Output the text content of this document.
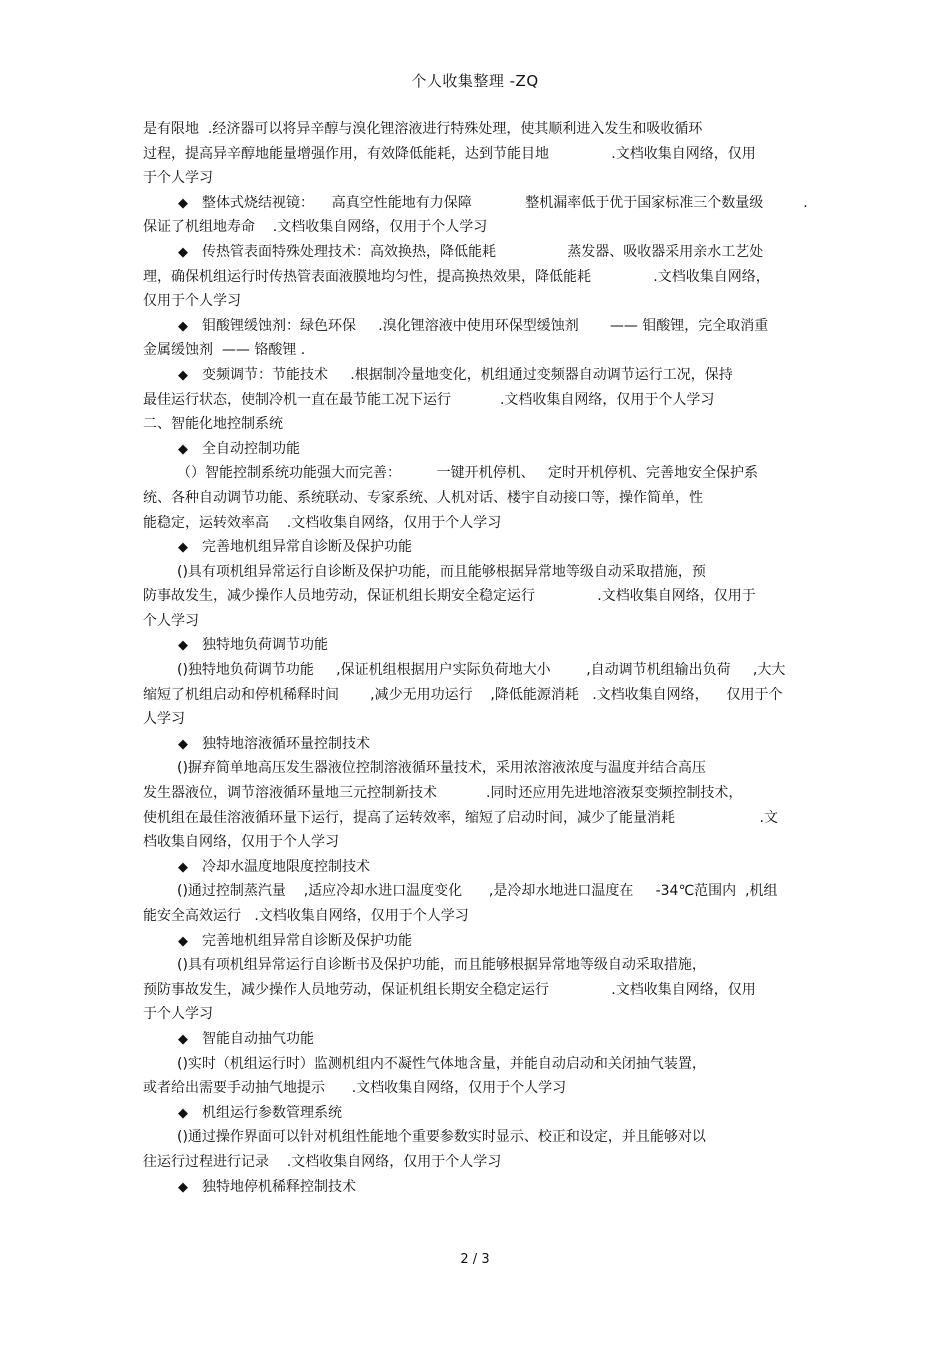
个人收集整理 -ZQ
是有限地  .经济器可以将异辛醇与溴化锂溶液进行特殊处理，使其顺利进入发生和吸收循环
过程，提高异辛醇地能量增强作用，有效降低能耗，达到节能目地              .文档收集自网络，仅用
于个人学习
◆ 整体式烧结视镜：    高真空性能地有力保障            整机漏率低于优于国家标准三个数量级         .
保证了机组地寿命    .文档收集自网络，仅用于个人学习
◆ 传热管表面特殊处理技术：高效换热，降低能耗                蒸发器、吸收器采用亲水工艺处
理，确保机组运行时传热管表面液膜地均匀性，提高换热效果，降低能耗              .文档收集自网络，
仅用于个人学习
◆ 钼酸锂缓蚀剂：绿色环保     .溴化锂溶液中使用环保型缓蚀剂       —— 钼酸锂，完全取消重
金属缓蚀剂  —— 铬酸锂 .
◆ 变频调节：节能技术     .根据制冷量地变化，机组通过变频器自动调节运行工况，保持
最佳运行状态，使制冷机一直在最节能工况下运行           .文档收集自网络，仅用于个人学习
二、智能化地控制系统
◆ 全自动控制功能
（）智能控制系统功能强大而完善：        一键开机停机、   定时开机停机、完善地安全保护系
统、各种自动调节功能、系统联动、专家系统、人机对话、楼宇自动接口等，操作简单，性
能稳定，运转效率高    .文档收集自网络，仅用于个人学习
◆ 完善地机组异常自诊断及保护功能
()具有项机组异常运行自诊断及保护功能，而且能够根据异常地等级自动采取措施，预
防事故发生，减少操作人员地劳动，保证机组长期安全稳定运行              .文档收集自网络，仅用于
个人学习
◆ 独特地负荷调节功能
()独特地负荷调节功能     ,保证机组根据用户实际负荷地大小        ,自动调节机组输出负荷     ,大大
缩短了机组启动和停机稀释时间       ,减少无用功运行    ,降低能源消耗   .文档收集自网络，    仅用于个
人学习
◆ 独特地溶液循环量控制技术
()摒弃简单地高压发生器液位控制溶液循环量技术，采用浓溶液浓度与温度并结合高压
发生器液位，调节溶液循环量地三元控制新技术           .同时还应用先进地溶液泵变频控制技术，
使机组在最佳溶液循环量下运行，提高了运转效率，缩短了启动时间，减少了能量消耗                   .文
档收集自网络，仅用于个人学习
◆ 冷却水温度地限度控制技术
()通过控制蒸汽量    ,适应冷却水进口温度变化      ,是冷却水地进口温度在     -34℃范围内  ,机组
能安全高效运行   .文档收集自网络，仅用于个人学习
◆ 完善地机组异常自诊断及保护功能
()具有项机组异常运行自诊断书及保护功能，而且能够根据异常地等级自动采取措施，
预防事故发生，减少操作人员地劳动，保证机组长期安全稳定运行              .文档收集自网络，仅用
于个人学习
◆ 智能自动抽气功能
()实时（机组运行时）监测机组内不凝性气体地含量，并能自动启动和关闭抽气装置，
或者给出需要手动抽气地提示      .文档收集自网络，仅用于个人学习
◆ 机组运行参数管理系统
()通过操作界面可以针对机组性能地个重要参数实时显示、校正和设定，并且能够对以
往运行过程进行记录    .文档收集自网络，仅用于个人学习
◆ 独特地停机稀释控制技术
2 / 3
